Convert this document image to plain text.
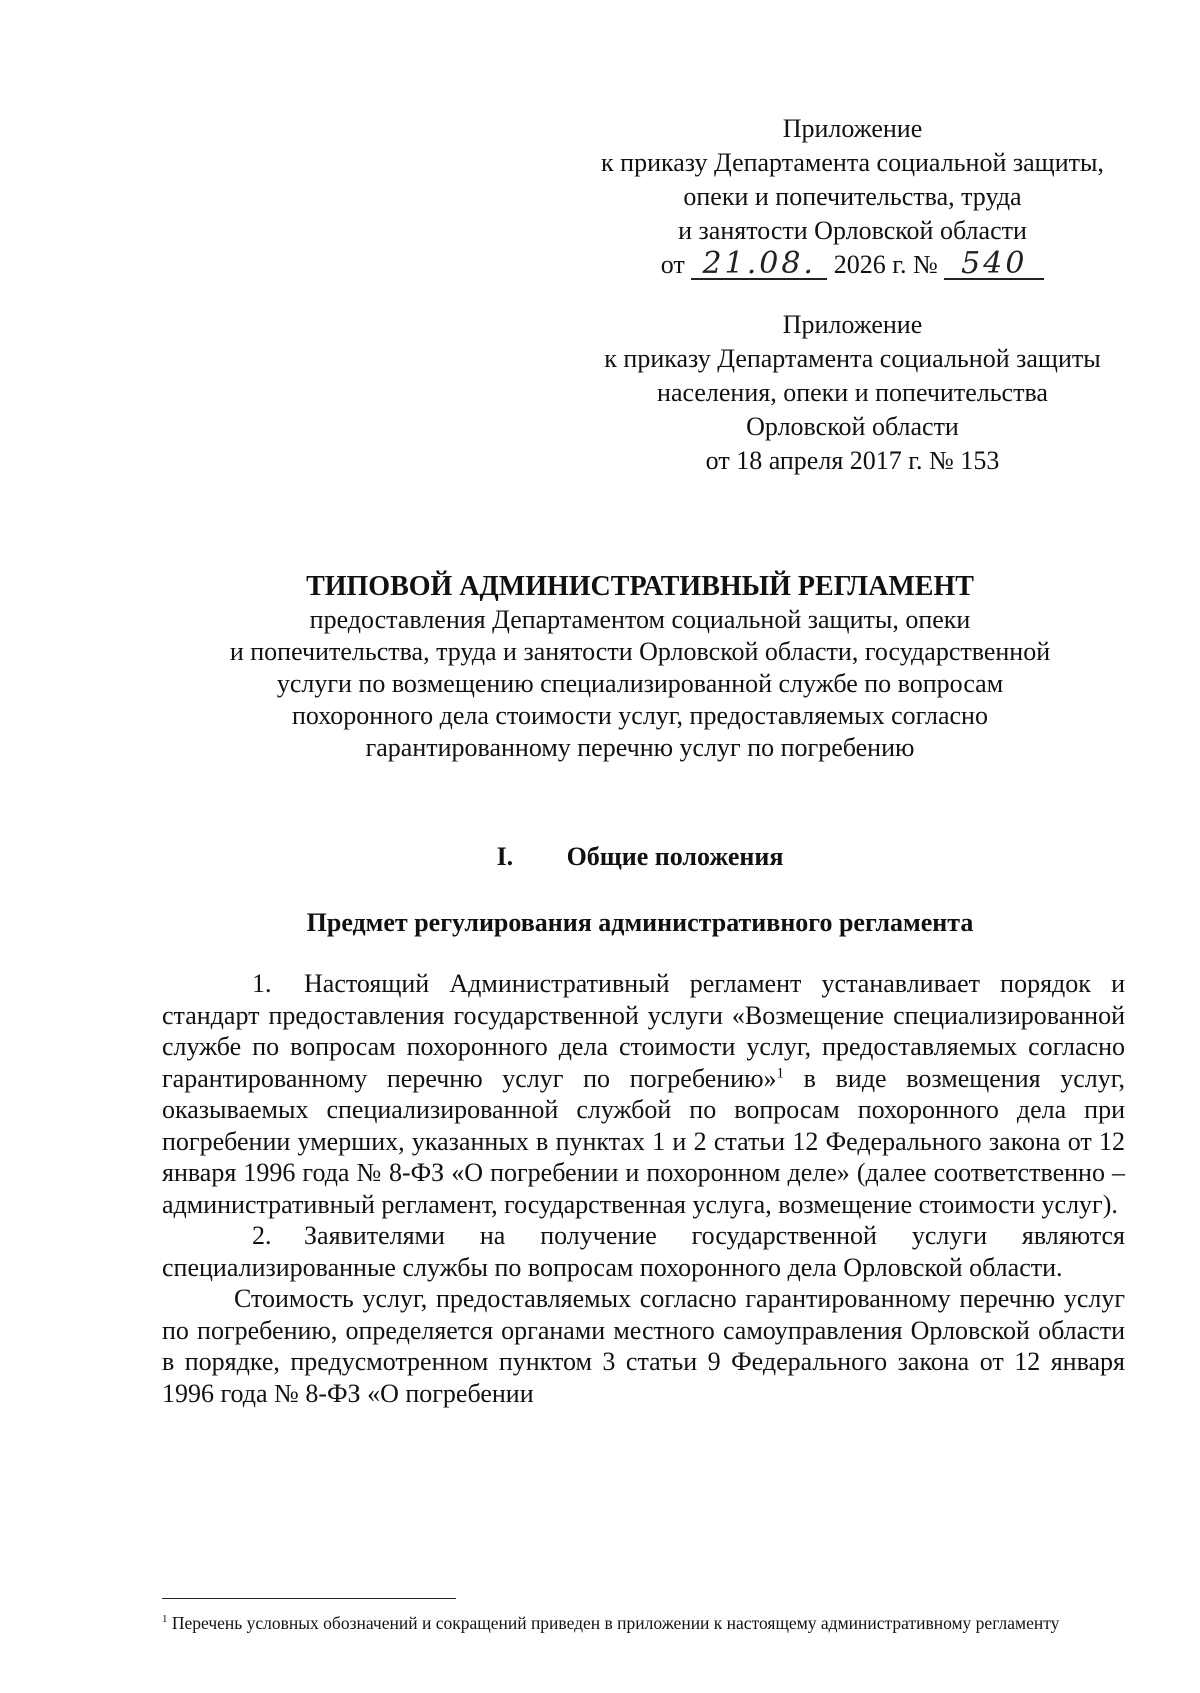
Приложение
к приказу Департамента социальной защиты,
опеки и попечительства, труда
и занятости Орловской области
от 21.08. 2026 г. № 540
Приложение
к приказу Департамента социальной защиты
населения, опеки и попечительства
Орловской области
от 18 апреля 2017 г. № 153
ТИПОВОЙ АДМИНИСТРАТИВНЫЙ РЕГЛАМЕНТ
предоставления Департаментом социальной защиты, опеки
и попечительства, труда и занятости Орловской области, государственной
услуги по возмещению специализированной службе по вопросам
похоронного дела стоимости услуг, предоставляемых согласно
гарантированному перечню услуг по погребению
I. Общие положения
Предмет регулирования административного регламента

1. Настоящий Административный регламент устанавливает порядок и стандарт предоставления государственной услуги «Возмещение специализированной службе по вопросам похоронного дела стоимости услуг, предоставляемых согласно гарантированному перечню услуг по погребению»$^1$ в виде возмещения услуг, оказываемых специализированной службой по вопросам похоронного дела при погребении умерших, указанных в пунктах 1 и 2 статьи 12 Федерального закона от 12 января 1996 года № 8-ФЗ «О погребении и похоронном деле» (далее соответственно – административный регламент, государственная услуга, возмещение стоимости услуг).

2. Заявителями на получение государственной услуги являются специализированные службы по вопросам похоронного дела Орловской области.

Стоимость услуг, предоставляемых согласно гарантированному перечню услуг по погребению, определяется органами местного самоуправления Орловской области в порядке, предусмотренном пунктом 3 статьи 9 Федерального закона от 12 января 1996 года № 8-ФЗ «О погребении

$^1$ Перечень условных обозначений и сокращений приведен в приложении к настоящему административному регламенту
